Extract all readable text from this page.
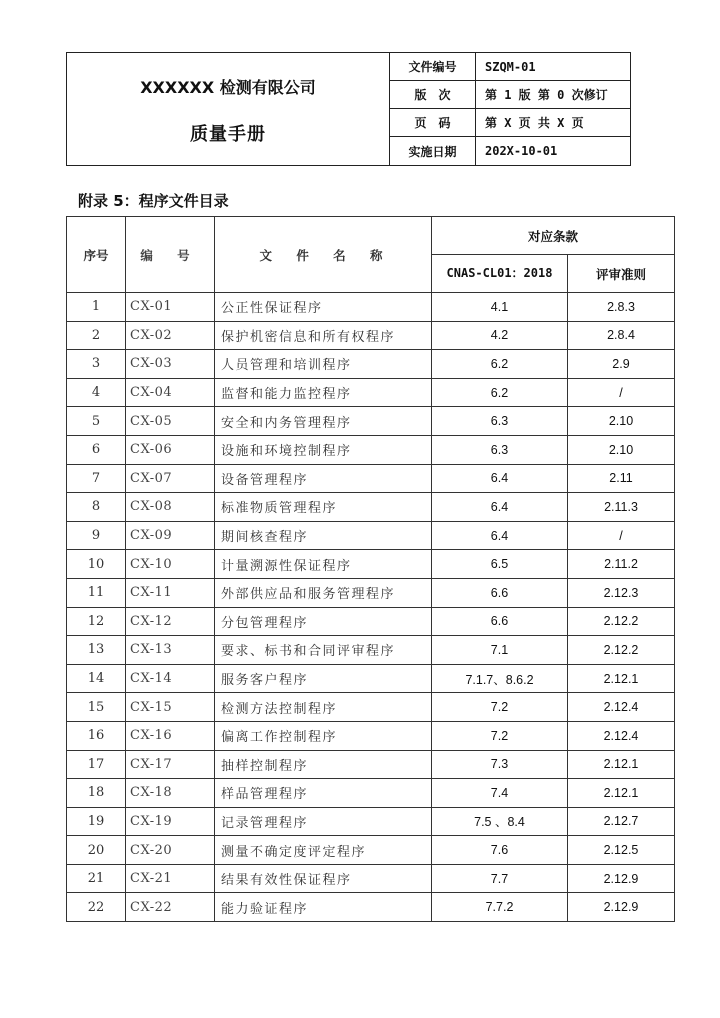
XXXXXX 检测有限公司
质量手册
文件编号	SZQM-01
版　次	第 1 版 第 0 次修订
页　码	第 X 页 共 X 页
实施日期	202X-10-01
附录 5：程序文件目录
序号	编 号	文 件 名 称	对应条款	
			CNAS-CL01：2018	评审准则
1	CX-01	公正性保证程序	4.1	2.8.3
2	CX-02	保护机密信息和所有权程序	4.2	2.8.4
3	CX-03	人员管理和培训程序	6.2	2.9
4	CX-04	监督和能力监控程序	6.2	/
5	CX-05	安全和内务管理程序	6.3	2.10
6	CX-06	设施和环境控制程序	6.3	2.10
7	CX-07	设备管理程序	6.4	2.11
8	CX-08	标准物质管理程序	6.4	2.11.3
9	CX-09	期间核查程序	6.4	/
10	CX-10	计量溯源性保证程序	6.5	2.11.2
11	CX-11	外部供应品和服务管理程序	6.6	2.12.3
12	CX-12	分包管理程序	6.6	2.12.2
13	CX-13	要求、标书和合同评审程序	7.1	2.12.2
14	CX-14	服务客户程序	7.1.7、8.6.2	2.12.1
15	CX-15	检测方法控制程序	7.2	2.12.4
16	CX-16	偏离工作控制程序	7.2	2.12.4
17	CX-17	抽样控制程序	7.3	2.12.1
18	CX-18	样品管理程序	7.4	2.12.1
19	CX-19	记录管理程序	7.5 、8.4	2.12.7
20	CX-20	测量不确定度评定程序	7.6	2.12.5
21	CX-21	结果有效性保证程序	7.7	2.12.9
22	CX-22	能力验证程序	7.7.2	2.12.9
